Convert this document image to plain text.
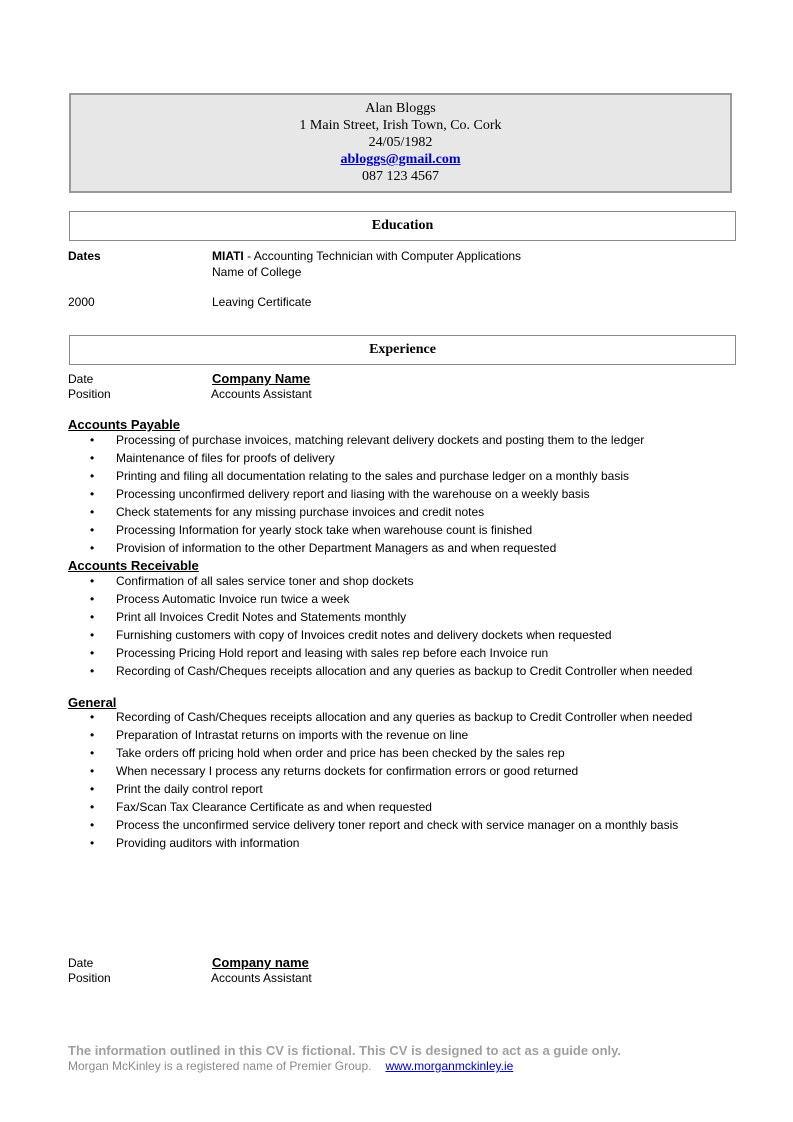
Alan Bloggs
1 Main Street, Irish Town, Co. Cork
24/05/1982
abloggs@gmail.com
087 123 4567
Education
Dates	MIATI - Accounting Technician with Computer Applications
Name of College
2000	Leaving Certificate
Experience
Date	Company Name
Position	Accounts Assistant
Accounts Payable
• Processing of purchase invoices, matching relevant delivery dockets and posting them to the ledger
• Maintenance of files for proofs of delivery
• Printing and filing all documentation relating to the sales and purchase ledger on a monthly basis
• Processing unconfirmed delivery report and liasing with the warehouse on a weekly basis
• Check statements for any missing purchase invoices and credit notes
• Processing Information for yearly stock take when warehouse count is finished
• Provision of information to the other Department Managers as and when requested
Accounts Receivable
• Confirmation of all sales service toner and shop dockets
• Process Automatic Invoice run twice a week
• Print all Invoices Credit Notes and Statements monthly
• Furnishing customers with copy of Invoices credit notes and delivery dockets when requested
• Processing Pricing Hold report and leasing with sales rep before each Invoice run
• Recording of Cash/Cheques receipts allocation and any queries as backup to Credit Controller when needed
General
• Recording of Cash/Cheques receipts allocation and any queries as backup to Credit Controller when needed
• Preparation of Intrastat returns on imports with the revenue on line
• Take orders off pricing hold when order and price has been checked by the sales rep
• When necessary I process any returns dockets for confirmation errors or good returned
• Print the daily control report
• Fax/Scan Tax Clearance Certificate as and when requested
• Process the unconfirmed service delivery toner report and check with service manager on a monthly basis
• Providing auditors with information
Date	Company name
Position	Accounts Assistant
The information outlined in this CV is fictional. This CV is designed to act as a guide only.
Morgan McKinley is a registered name of Premier Group. www.morganmckinley.ie
